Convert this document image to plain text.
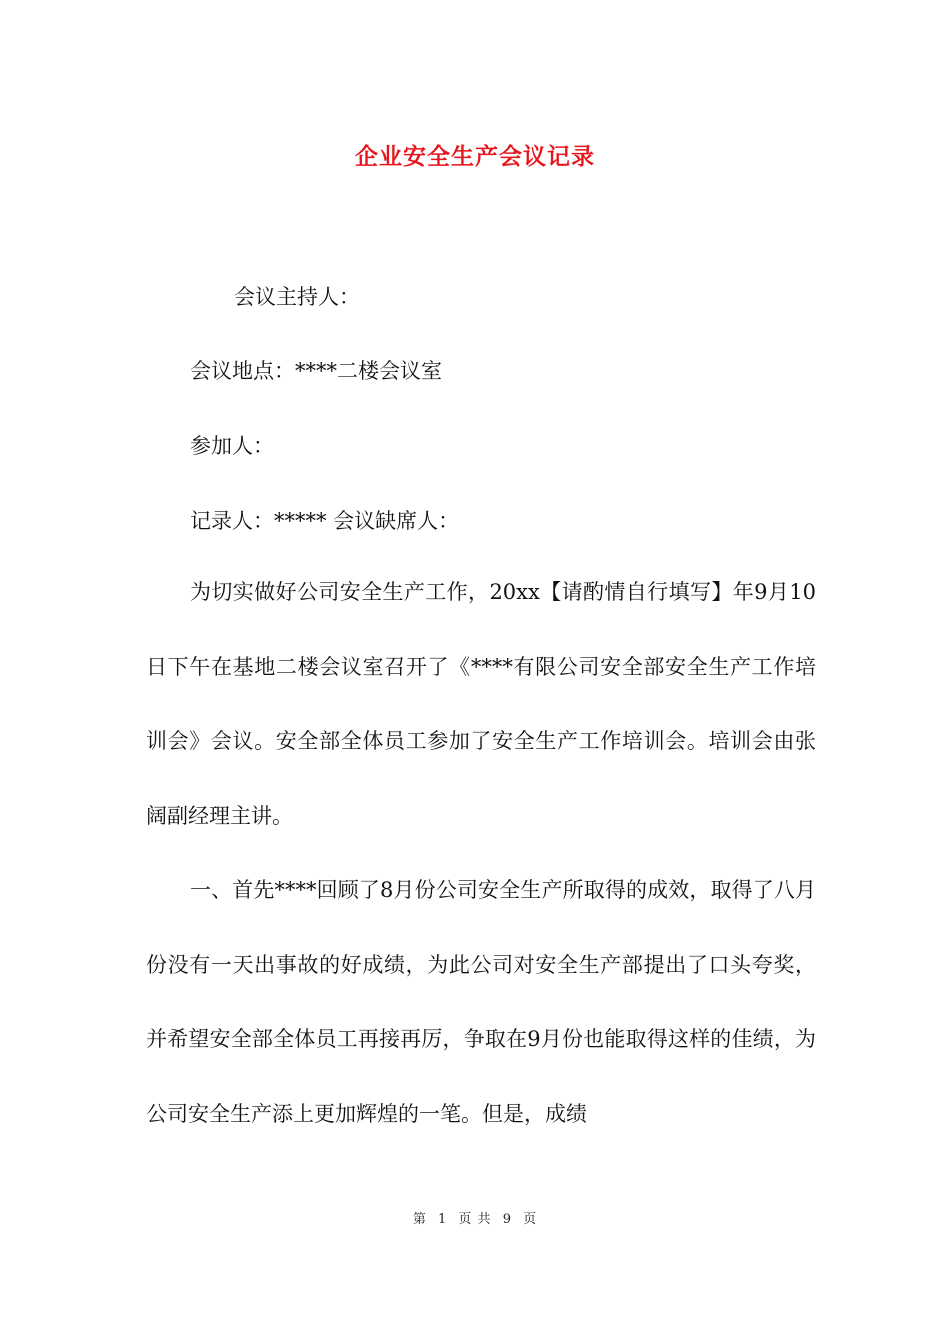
企业安全生产会议记录
会议主持人：
会议地点：****二楼会议室
参加人：
记录人：***** 会议缺席人：

为切实做好公司安全生产工作，20xx【请酌情自行填写】年9月10日下午在基地二楼会议室召开了《****有限公司安全部安全生产工作培训会》会议。安全部全体员工参加了安全生产工作培训会。培训会由张阔副经理主讲。

一、首先****回顾了8月份公司安全生产所取得的成效，取得了八月份没有一天出事故的好成绩，为此公司对安全生产部提出了口头夸奖，并希望安全部全体员工再接再厉，争取在9月份也能取得这样的佳绩，为公司安全生产添上更加辉煌的一笔。但是，成绩

第 1 页 共 9 页
